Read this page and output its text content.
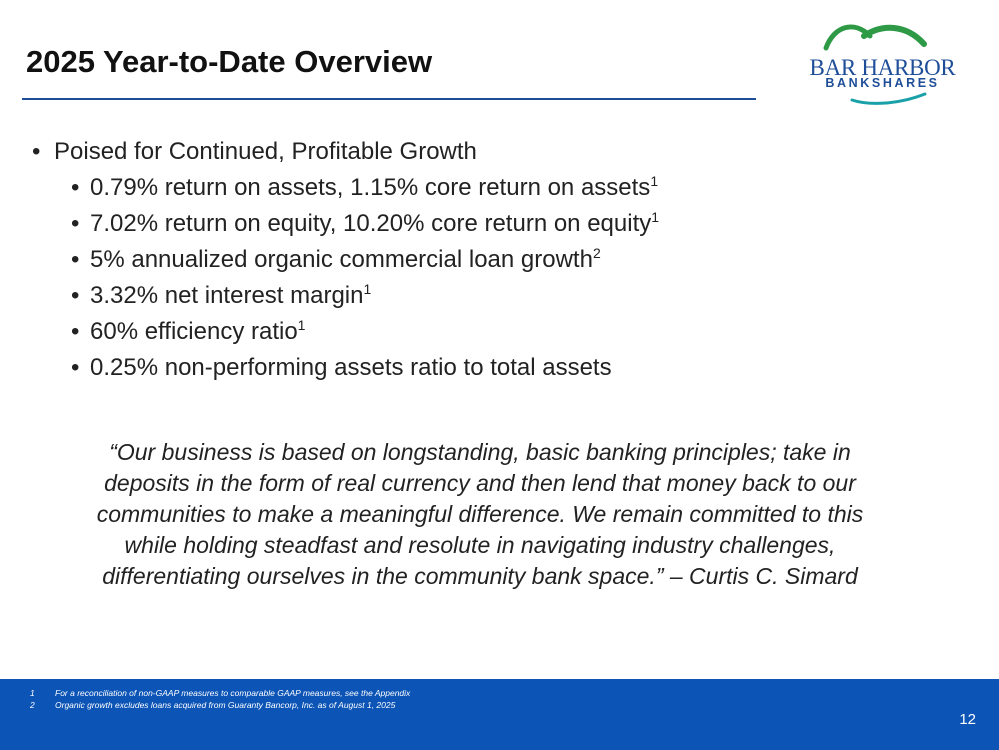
2025 Year-to-Date Overview	BAR HARBOR
BANKSHARES
• Poised for Continued, Profitable Growth
• 0.79% return on assets, 1.15% core return on assets$^1$
• 7.02% return on equity, 10.20% core return on equity$^1$
• 5% annualized organic commercial loan growth$^2$
• 3.32% net interest margin$^1$
• 60% efficiency ratio$^1$
• 0.25% non-performing assets ratio to total assets
“Our business is based on longstanding, basic banking principles; take in
deposits in the form of real currency and then lend that money back to our
communities to make a meaningful difference. We remain committed to this
while holding steadfast and resolute in navigating industry challenges,
differentiating ourselves in the community bank space.” – Curtis C. Simard
1 For a reconciliation of non-GAAP measures to comparable GAAP measures, see the Appendix
2 Organic growth excludes loans acquired from Guaranty Bancorp, Inc. as of August 1, 2025
12
